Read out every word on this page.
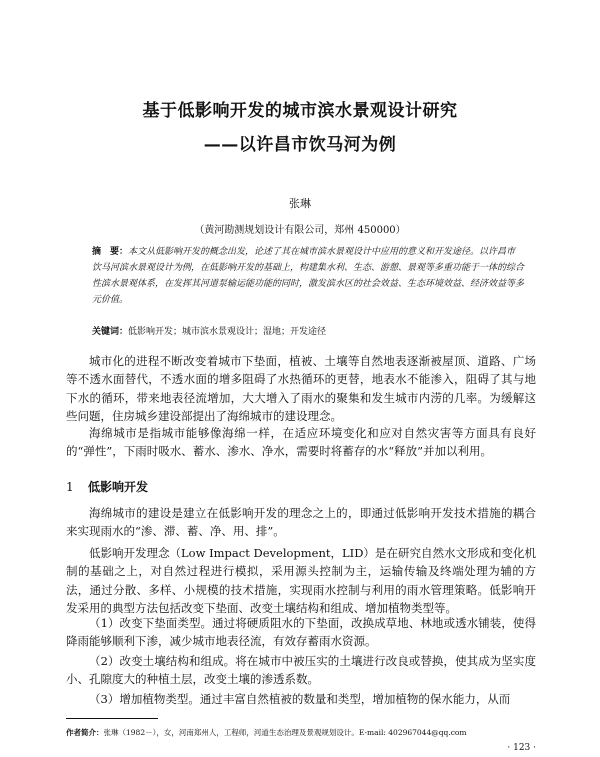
基于低影响开发的城市滨水景观设计研究
——以许昌市饮马河为例
张琳
（黄河勘测规划设计有限公司，郑州 450000）
摘　要：本文从低影响开发的概念出发，论述了其在城市滨水景观设计中应用的意义和开发途径。以许昌市饮马河滨水景观设计为例，在低影响开发的基础上，构建集水利、生态、游憩、景观等多重功能于一体的综合性滨水景观体系，在发挥其河道泵输运能功能的同时，激发滨水区的社会效益、生态环境效益、经济效益等多元价值。
关键词：低影响开发；城市滨水景观设计；湿地；开发途径
城市化的进程不断改变着城市下垫面，植被、土壤等自然地表逐渐被屋顶、道路、广场等不透水面替代，不透水面的增多阻碍了水热循环的更替，地表水不能渗入，阻碍了其与地下水的循环，带来地表径流增加，大大增入了雨水的聚集和发生城市内涝的几率。为缓解这些问题，住房城乡建设部提出了海绵城市的建设理念。
海绵城市是指城市能够像海绵一样，在适应环境变化和应对自然灾害等方面具有良好的“弹性”，下雨时吸水、蓄水、渗水、净水，需要时将蓄存的水“释放”并加以利用。
1 低影响开发
海绵城市的建设是建立在低影响开发的理念之上的，即通过低影响开发技术措施的耦合来实现雨水的“渗、滞、蓄、净、用、排”。
低影响开发理念（Low Impact Development，LID）是在研究自然水文形成和变化机制的基础之上，对自然过程进行模拟，采用源头控制为主，运输传输及终端处理为辅的方法，通过分散、多样、小规模的技术措施，实现雨水控制与利用的雨水管理策略。低影响开发采用的典型方法包括改变下垫面、改变土壤结构和组成、增加植物类型等。
（1）改变下垫面类型。通过将硬质阻水的下垫面，改换成草地、林地或透水铺装，使得降雨能够顺利下渗，减少城市地表径流，有效存蓄雨水资源。
（2）改变土壤结构和组成。将在城市中被压实的土壤进行改良或替换，使其成为坚实度小、孔隙度大的种植土层，改变土壤的渗透系数。
（3）增加植物类型。通过丰富自然植被的数量和类型，增加植物的保水能力，从而
作者简介：张琳（1982－），女，河南郑州人，工程师，河道生态治理及景观规划设计。E-mail: 402967044@qq.com
· 123 ·
